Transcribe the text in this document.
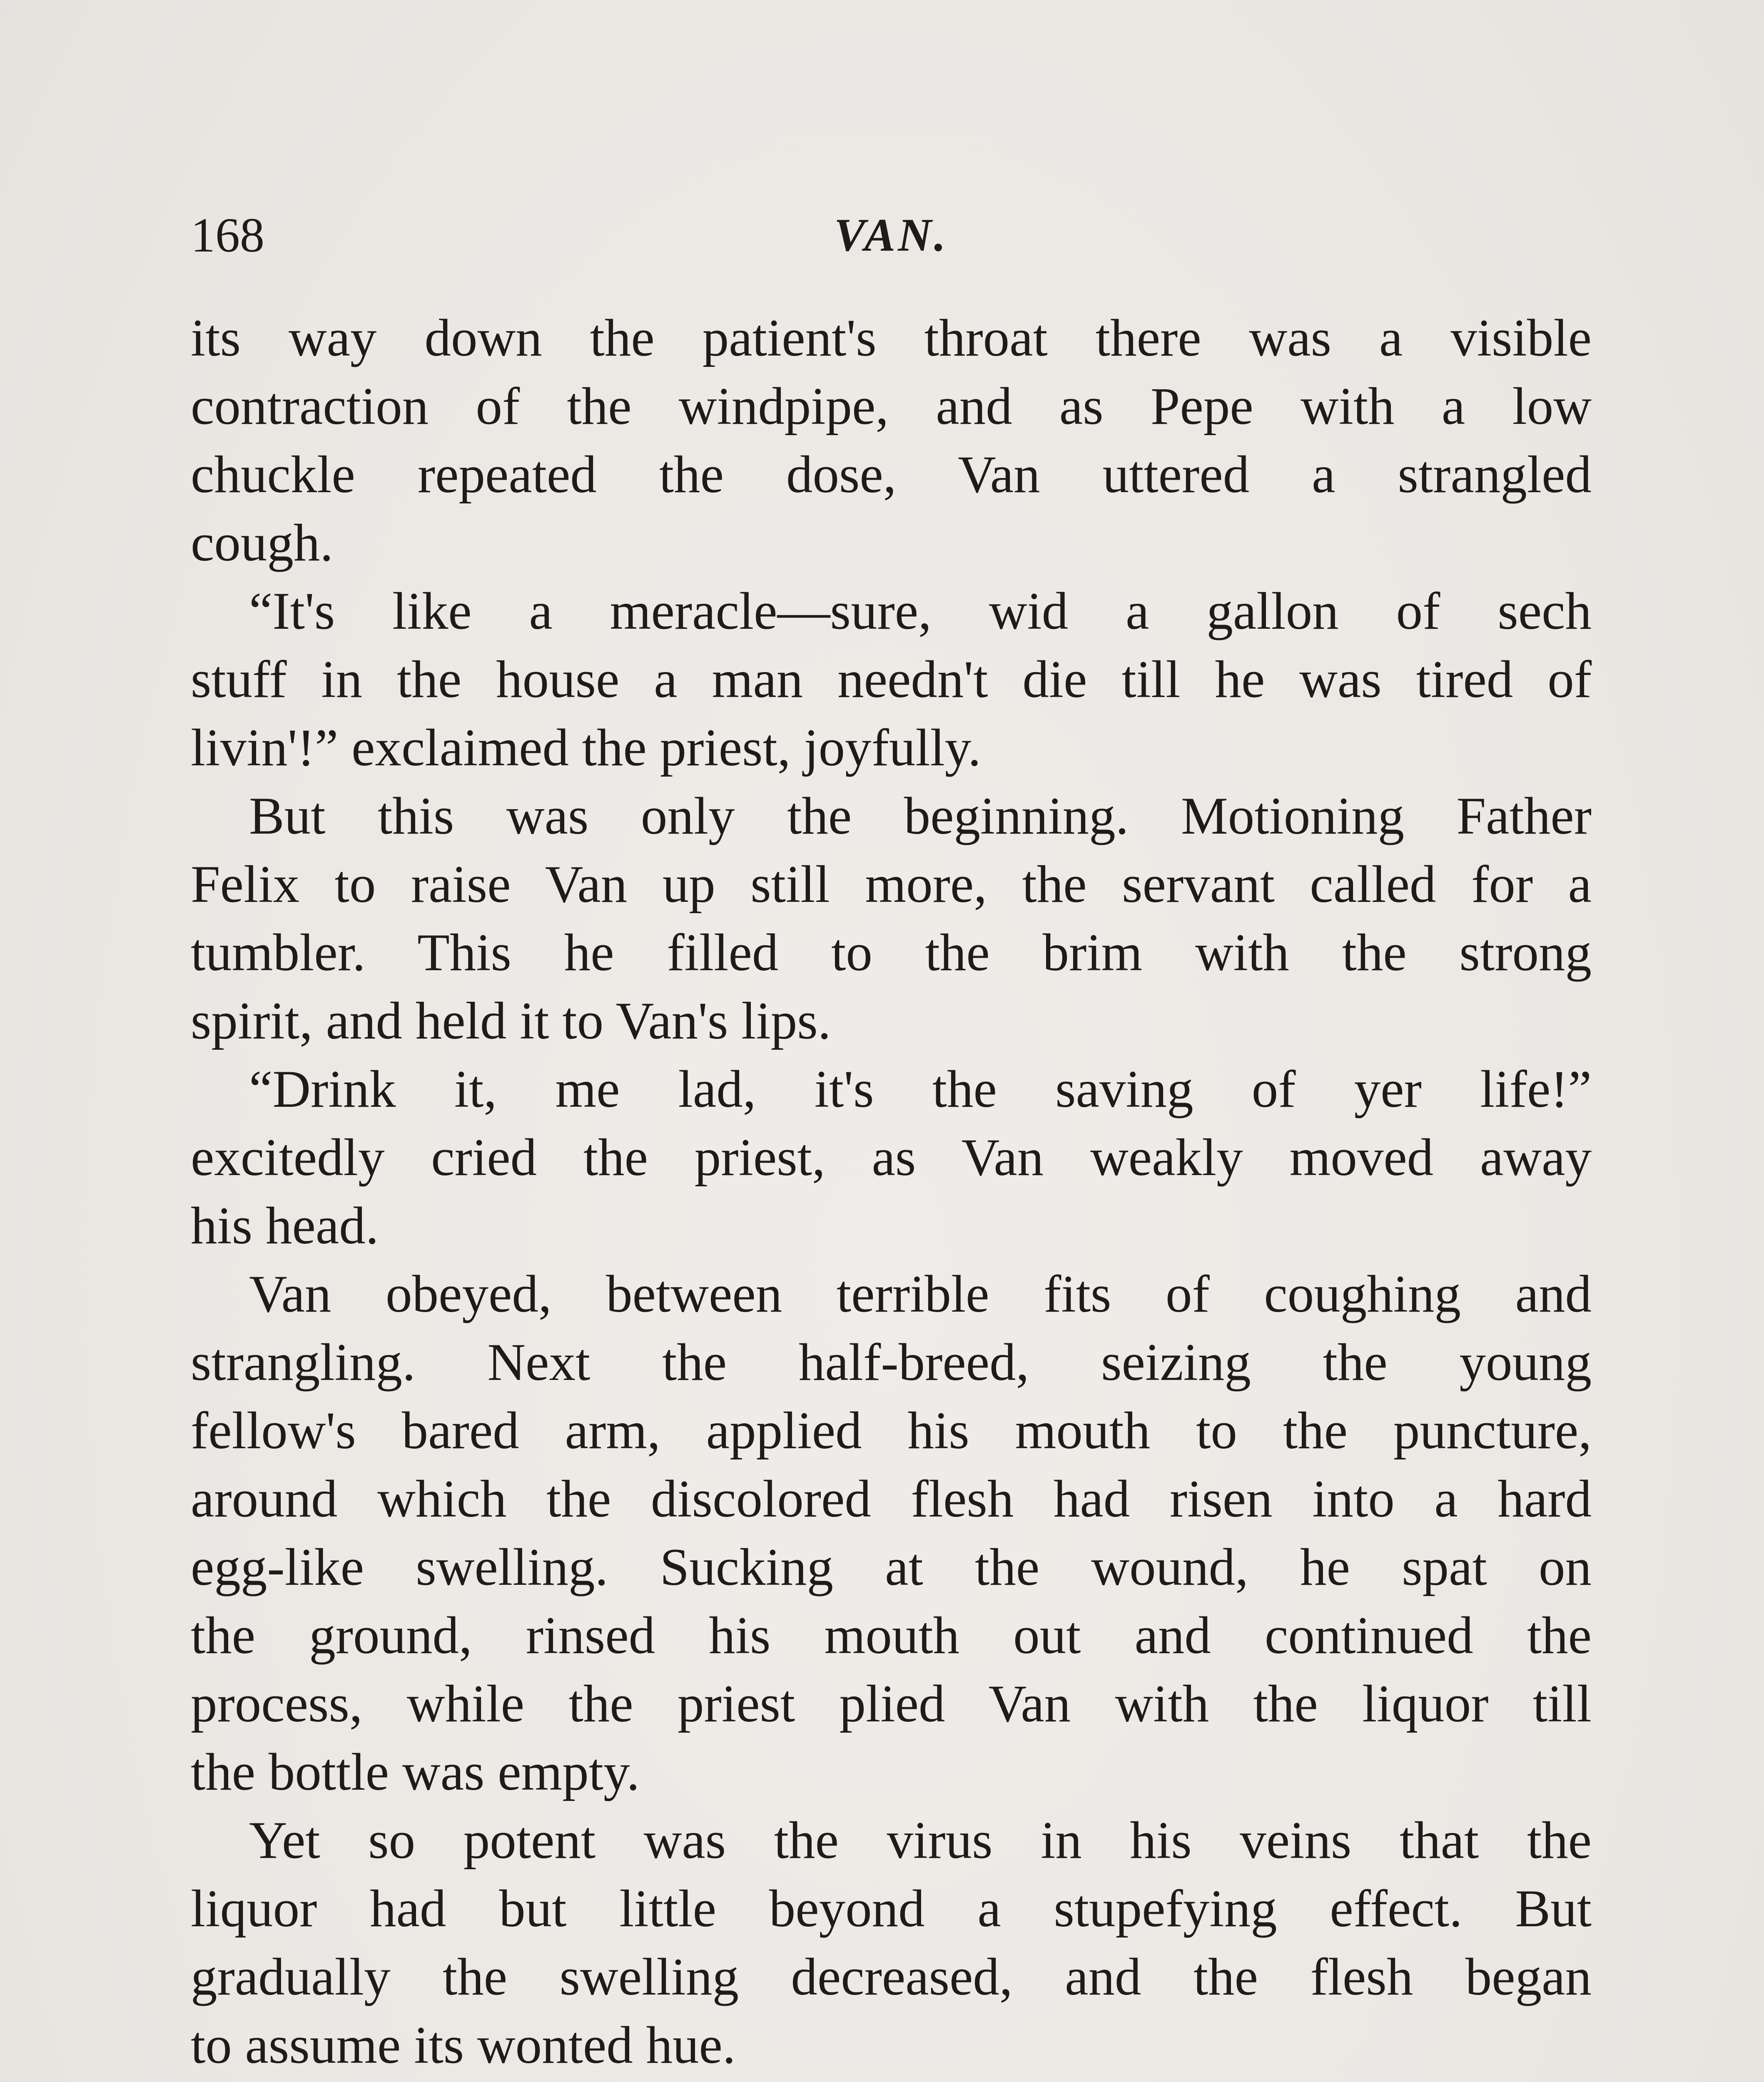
168	VAN.

its way down the patient's throat there was a visible
contraction of the windpipe, and as Pepe with a low
chuckle repeated the dose, Van uttered a strangled
cough.

“It's like a meracle—sure, wid a gallon of sech
stuff in the house a man needn't die till he was tired of
livin'!” exclaimed the priest, joyfully.

But this was only the beginning. Motioning Father
Felix to raise Van up still more, the servant called for a
tumbler. This he filled to the brim with the strong
spirit, and held it to Van's lips.

“Drink it, me lad, it's the saving of yer life!”
excitedly cried the priest, as Van weakly moved away
his head.

Van obeyed, between terrible fits of coughing and
strangling. Next the half-breed, seizing the young
fellow's bared arm, applied his mouth to the puncture,
around which the discolored flesh had risen into a hard
egg-like swelling. Sucking at the wound, he spat on
the ground, rinsed his mouth out and continued the
process, while the priest plied Van with the liquor till
the bottle was empty.

Yet so potent was the virus in his veins that the
liquor had but little beyond a stupefying effect. But
gradually the swelling decreased, and the flesh began
to assume its wonted hue.
